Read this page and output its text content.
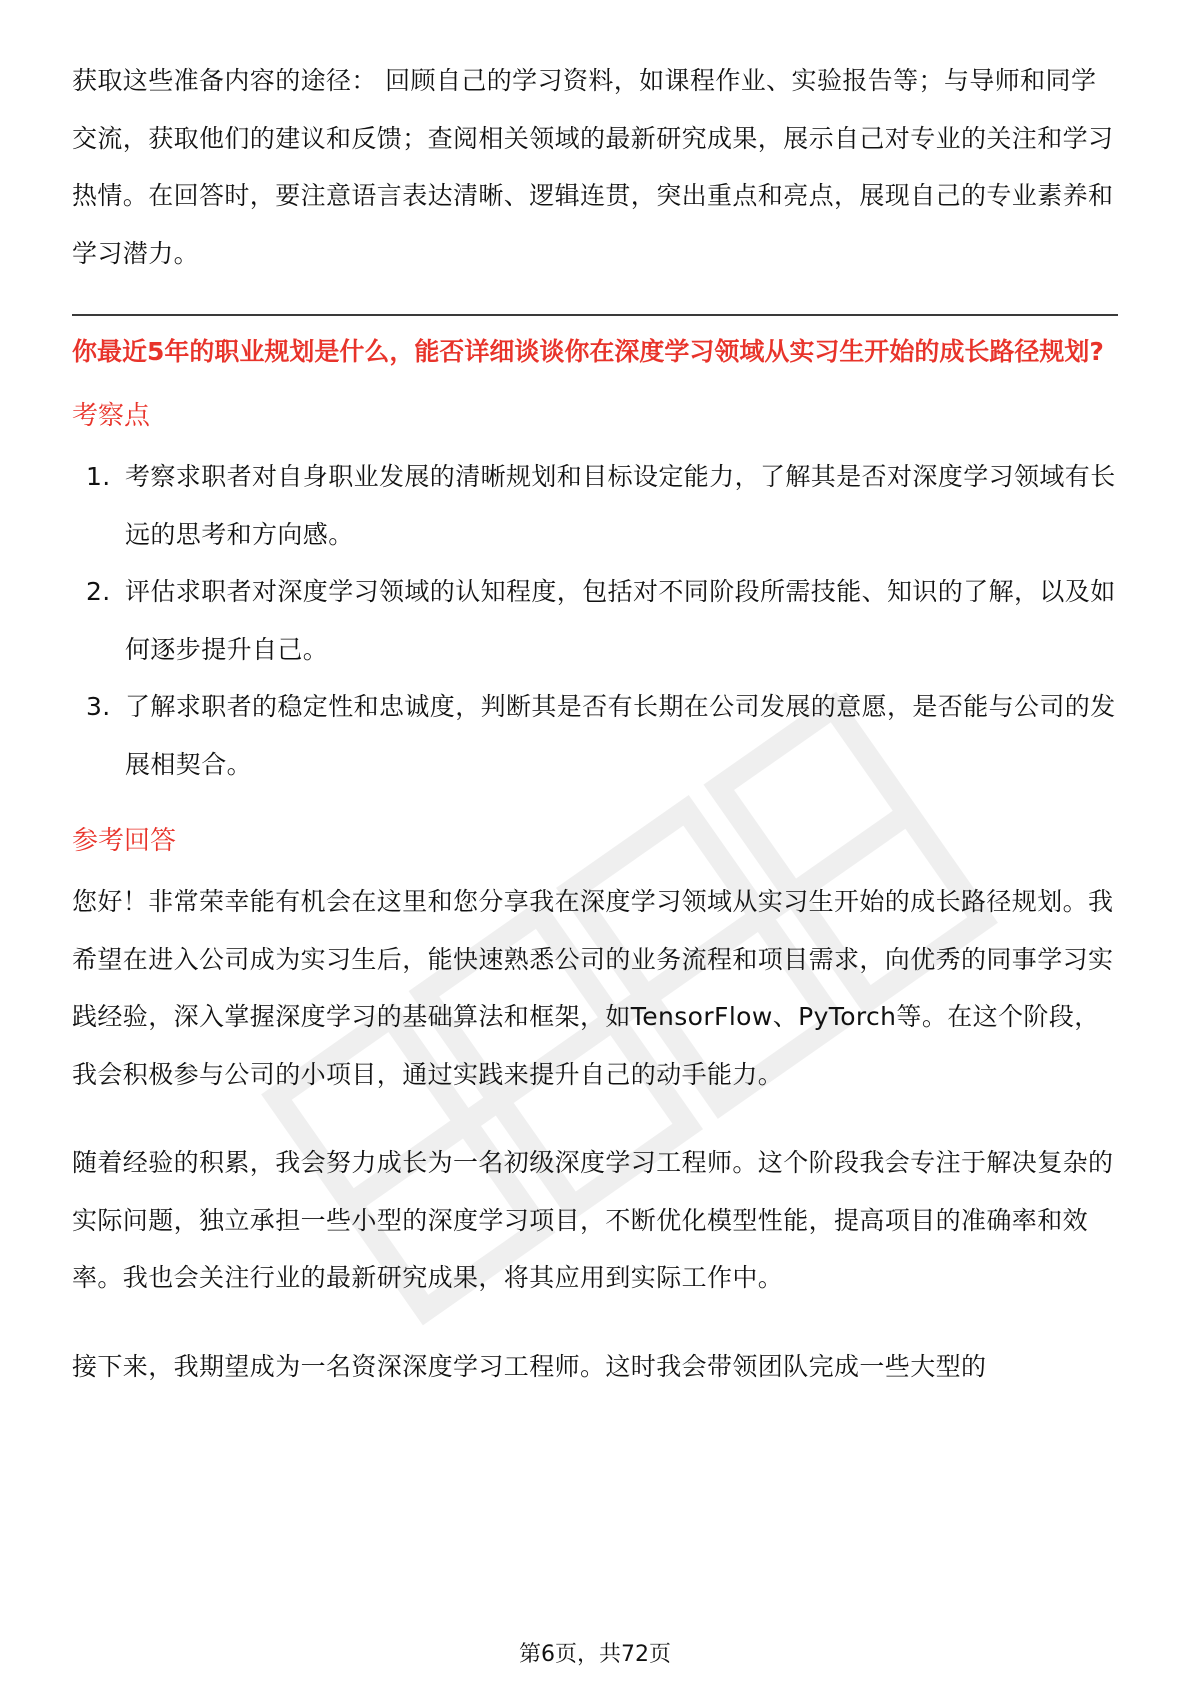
获取这些准备内容的途径： 回顾自己的学习资料，如课程作业、实验报告等；与导师和同学交流，获取他们的建议和反馈；查阅相关领域的最新研究成果，展示自己对专业的关注和学习热情。在回答时，要注意语言表达清晰、逻辑连贯，突出重点和亮点，展现自己的专业素养和学习潜力。

你最近5年的职业规划是什么，能否详细谈谈你在深度学习领域从实习生开始的成长路径规划?

考察点
1. 考察求职者对自身职业发展的清晰规划和目标设定能力，了解其是否对深度学习领域有长远的思考和方向感。
2. 评估求职者对深度学习领域的认知程度，包括对不同阶段所需技能、知识的了解，以及如何逐步提升自己。
3. 了解求职者的稳定性和忠诚度，判断其是否有长期在公司发展的意愿，是否能与公司的发展相契合。
参考回答

您好！非常荣幸能有机会在这里和您分享我在深度学习领域从实习生开始的成长路径规划。我希望在进入公司成为实习生后，能快速熟悉公司的业务流程和项目需求，向优秀的同事学习实践经验，深入掌握深度学习的基础算法和框架，如TensorFlow、PyTorch等。在这个阶段，我会积极参与公司的小项目，通过实践来提升自己的动手能力。

随着经验的积累，我会努力成长为一名初级深度学习工程师。这个阶段我会专注于解决复杂的实际问题，独立承担一些小型的深度学习项目，不断优化模型性能，提高项目的准确率和效率。我也会关注行业的最新研究成果，将其应用到实际工作中。

接下来，我期望成为一名资深深度学习工程师。这时我会带领团队完成一些大型的

第6页，共72页
